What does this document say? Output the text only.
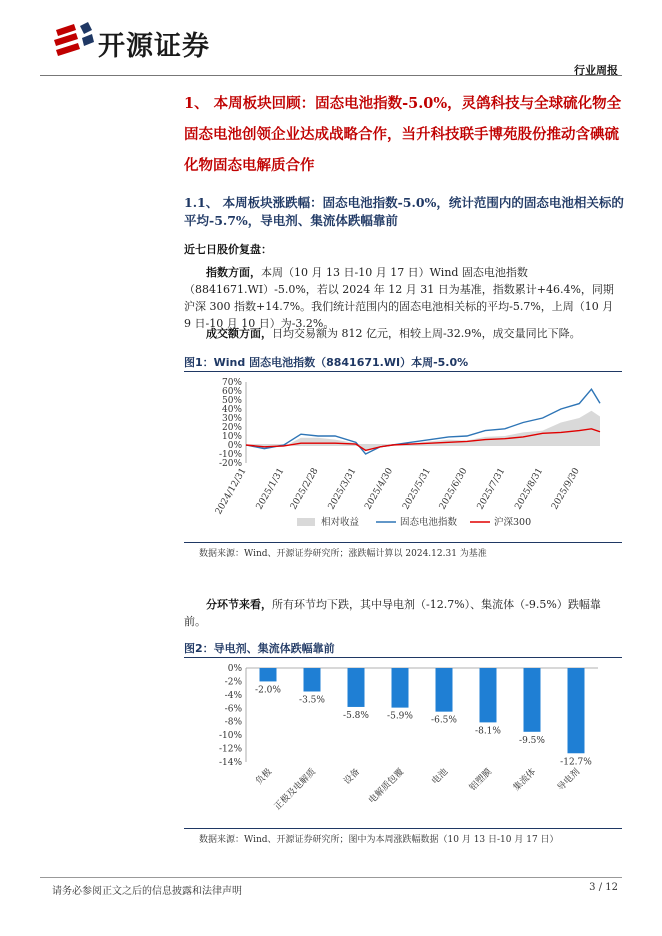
开源证券
行业周报
1、 本周板块回顾：固态电池指数-5.0%，灵鸽科技与全球硫化物全固态电池创领企业达成战略合作，当升科技联手博苑股份推动含碘硫化物固态电解质合作
1.1、 本周板块涨跌幅：固态电池指数-5.0%，统计范围内的固态电池相关标的平均-5.7%，导电剂、集流体跌幅靠前
近七日股价复盘：
指数方面，本周（10 月 13 日-10 月 17 日）Wind 固态电池指数（8841671.WI）-5.0%，若以 2024 年 12 月 31 日为基准，指数累计+46.4%，同期沪深 300 指数+14.7%。我们统计范围内的固态电池相关标的平均-5.7%，上周（10 月 9 日-10 月 10 日）为-3.2%。
成交额方面，日均交易额为 812 亿元，相较上周-32.9%，成交量同比下降。
图1：Wind 固态电池指数（8841671.WI）本周-5.0%
70%
60%
50%
40%
30%
20%
10%
0%
-10%
-20%
2024/12/31 2025/1/31 2025/2/28 2025/3/31 2025/4/30 2025/5/31 2025/6/30 2025/7/31 2025/8/31 2025/9/30
相对收益	固态电池指数	沪深300
数据来源：Wind、开源证券研究所；涨跌幅计算以 2024.12.31 为基准
分环节来看，所有环节均下跌，其中导电剂（-12.7%）、集流体（-9.5%）跌幅靠前。
图2：导电剂、集流体跌幅靠前
0%
-2%
-4%
-6%
-8%
-10%
-12%
-14%
-2.0%
负极
-3.5%
正极及电解质
-5.8%
设备
-5.9%
电解质包覆
-6.5%
电池
-8.1%
铝塑膜
-9.5%
集流体
-12.7%
导电剂
数据来源：Wind、开源证券研究所；图中为本周涨跌幅数据（10 月 13 日-10 月 17 日）
请务必参阅正文之后的信息披露和法律声明	3 / 12
